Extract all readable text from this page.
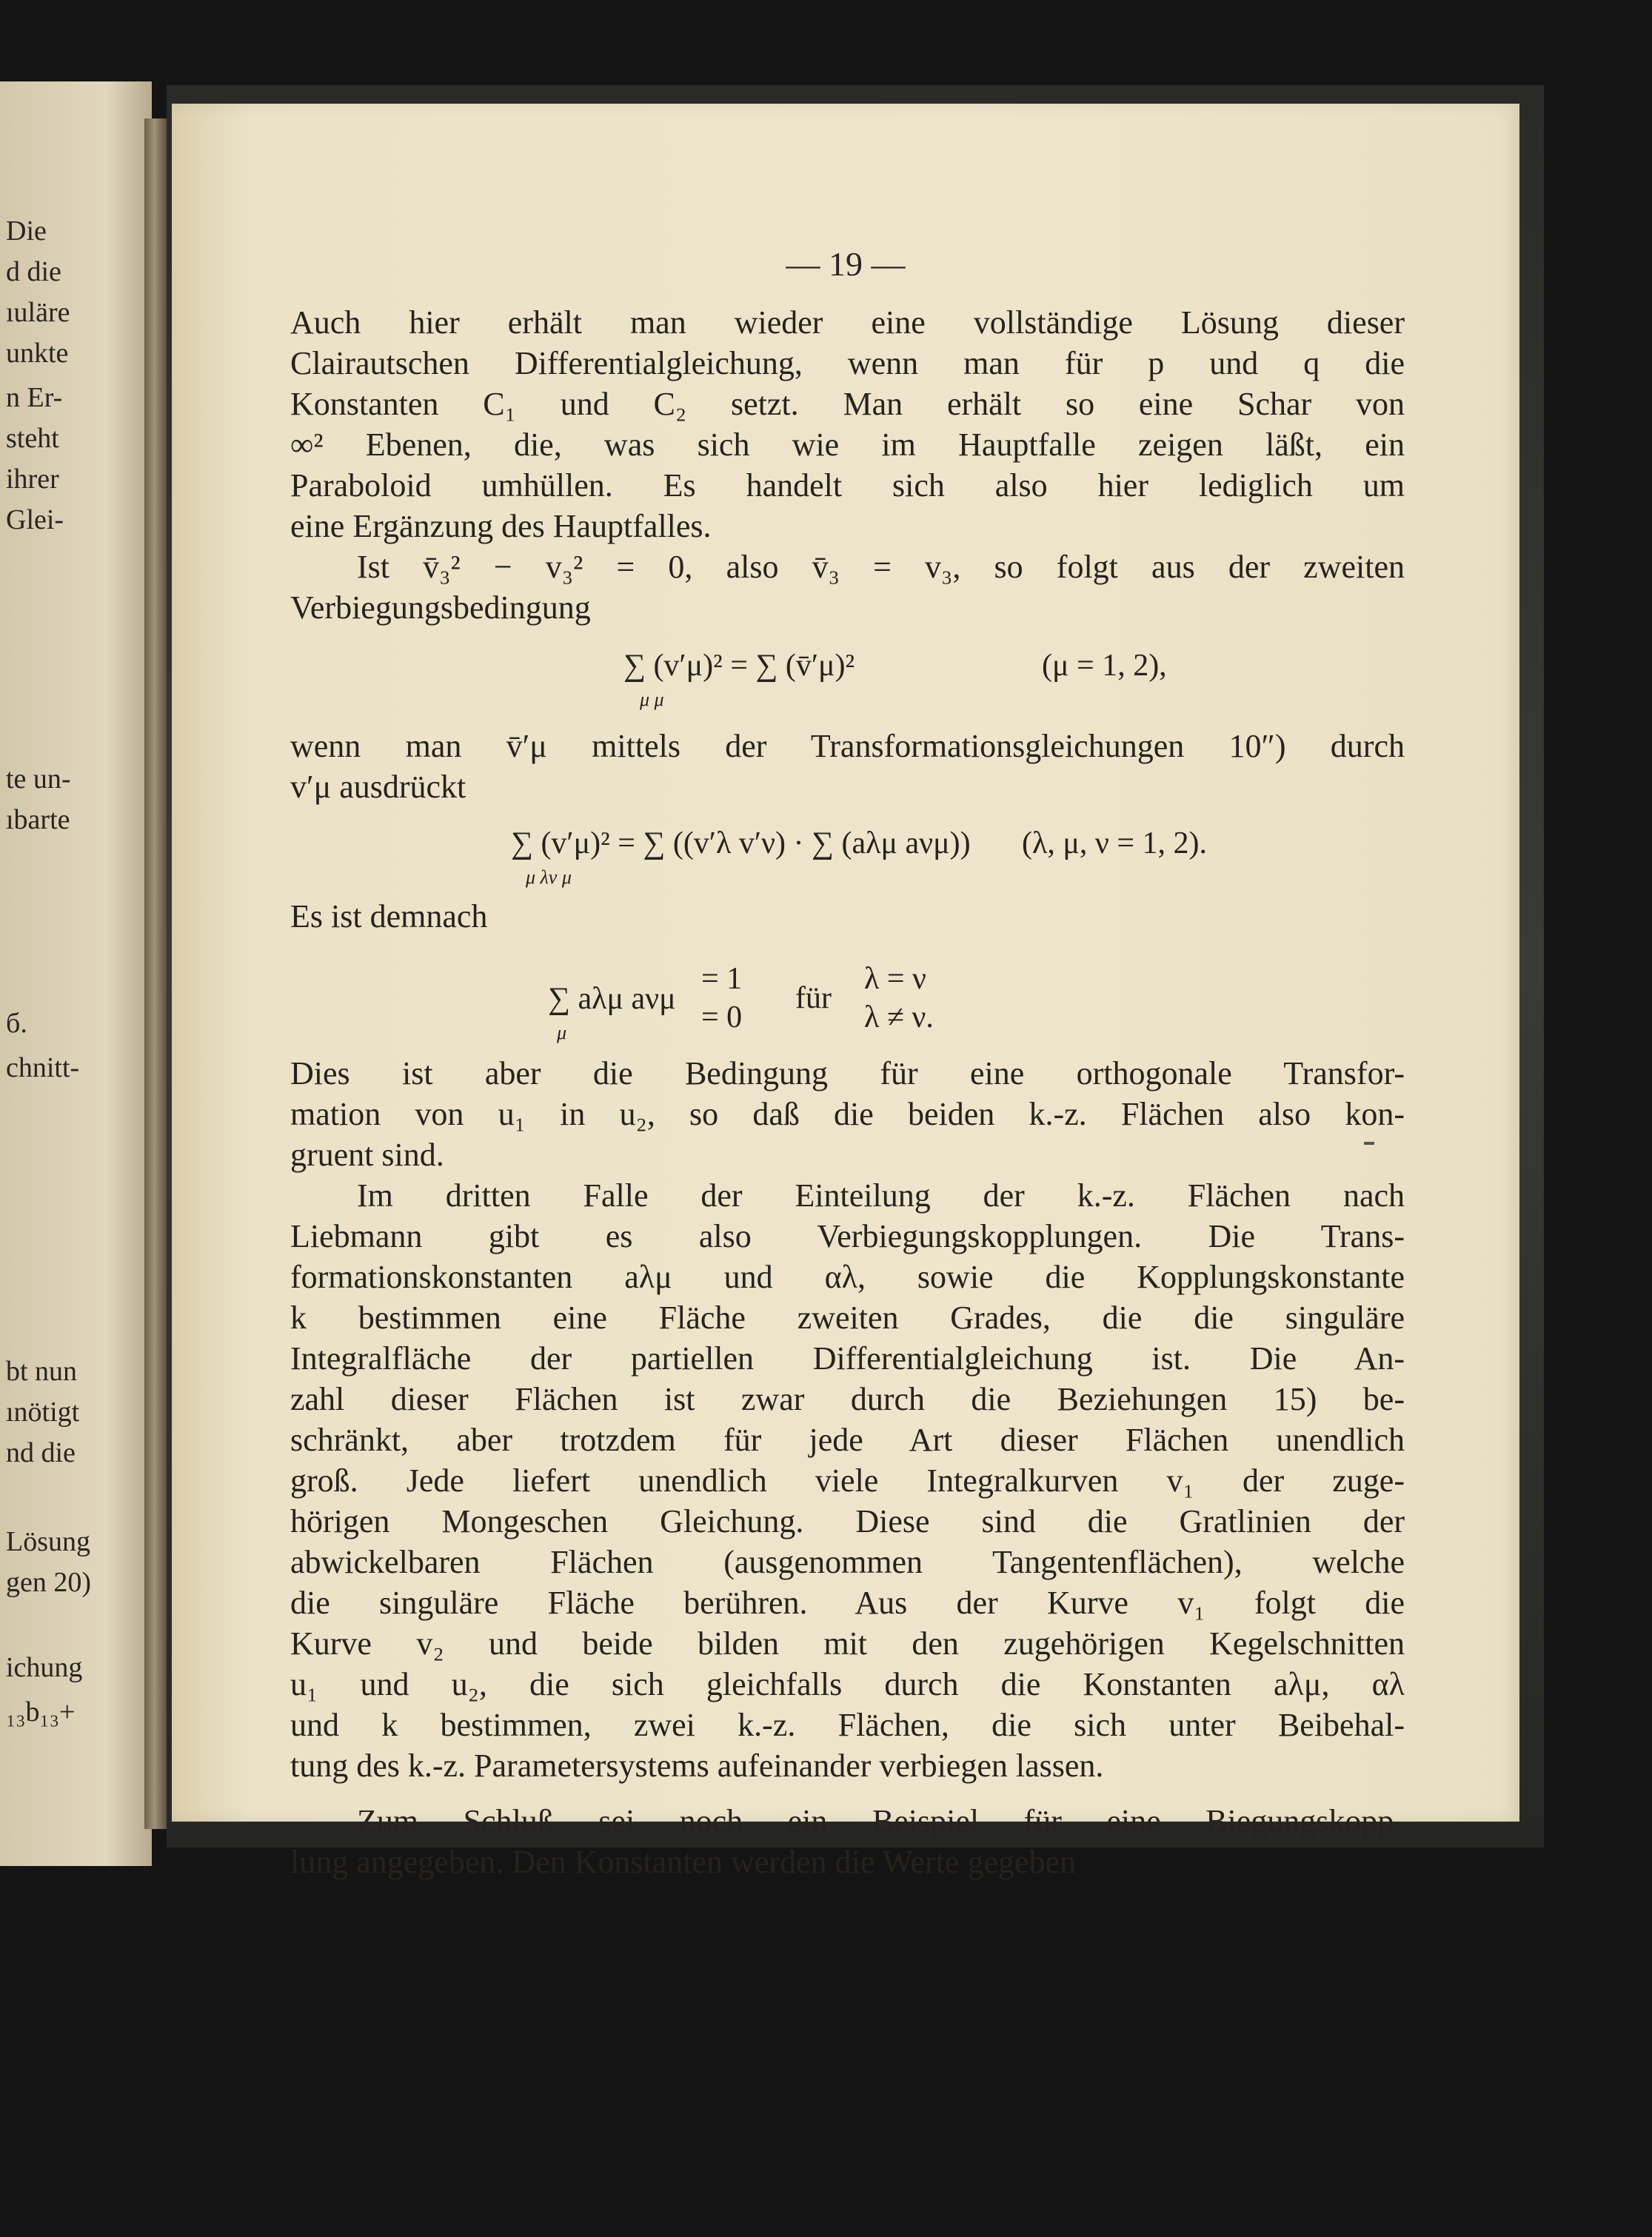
Die
d die
ıuläre
unkte
n Er-
steht
ihrer
Glei-
te un-
ıbarte
б.
chnitt-
bt nun
ınötigt
nd die
Lösung
gen 20)
ichung
₁₃b₁₃+
— 19 —
Auch hier erhält man wieder eine vollständige Lösung dieser
Clairautschen Differentialgleichung, wenn man für p und q die
Konstanten C₁ und C₂ setzt. Man erhält so eine Schar von
∞² Ebenen, die, was sich wie im Hauptfalle zeigen läßt, ein
Paraboloid umhüllen. Es handelt sich also hier lediglich um
eine Ergänzung des Hauptfalles.
Ist v̄₃² − v₃² = 0, also v̄₃ = v₃, so folgt aus der zweiten
Verbiegungsbedingung
∑ (v′μ)² = ∑ (v̄′μ)²
μ μ
(μ = 1, 2),
wenn man v̄′μ mittels der Transformationsgleichungen 10″) durch
v′μ ausdrückt
∑ (v′μ)² = ∑ ((v′λ v′ν) · ∑ (aλμ aνμ))
μ λν μ
(λ, μ, ν = 1, 2).
Es ist demnach
∑ aλμ aνμ
μ
= 1
= 0
für
λ = ν
λ ≠ ν.
Dies ist aber die Bedingung für eine orthogonale Transfor-
mation von u₁ in u₂, so daß die beiden k.-z. Flächen also kon-
gruent sind.
Im dritten Falle der Einteilung der k.-z. Flächen nach
Liebmann gibt es also Verbiegungskopplungen. Die Trans-
formationskonstanten aλμ und αλ, sowie die Kopplungskonstante
k bestimmen eine Fläche zweiten Grades, die die singuläre
Integralfläche der partiellen Differentialgleichung ist. Die An-
zahl dieser Flächen ist zwar durch die Beziehungen 15) be-
schränkt, aber trotzdem für jede Art dieser Flächen unendlich
groß. Jede liefert unendlich viele Integralkurven v₁ der zuge-
hörigen Mongeschen Gleichung. Diese sind die Gratlinien der
abwickelbaren Flächen (ausgenommen Tangentenflächen), welche
die singuläre Fläche berühren. Aus der Kurve v₁ folgt die
Kurve v₂ und beide bilden mit den zugehörigen Kegelschnitten
u₁ und u₂, die sich gleichfalls durch die Konstanten aλμ, αλ
und k bestimmen, zwei k.-z. Flächen, die sich unter Beibehal-
tung des k.-z. Parametersystems aufeinander verbiegen lassen.
Zum Schluß sei noch ein Beispiel für eine Biegungskopp-
lung angegeben. Den Konstanten werden die Werte gegeben
